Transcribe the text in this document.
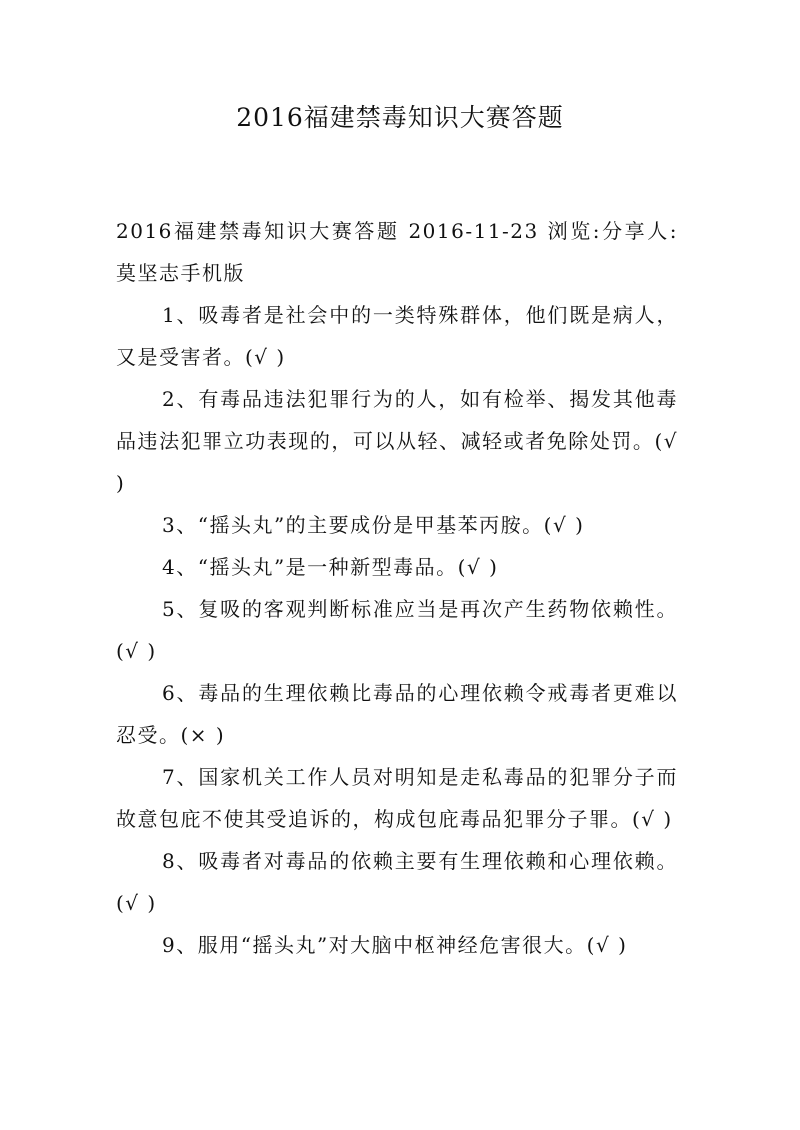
2016福建禁毒知识大赛答题

2016福建禁毒知识大赛答题 2016-11-23 浏览:分享人: 莫坚志手机版

1、吸毒者是社会中的一类特殊群体，他们既是病人，又是受害者。(√ )

2、有毒品违法犯罪行为的人，如有检举、揭发其他毒品违法犯罪立功表现的，可以从轻、减轻或者免除处罚。(√ )

3、“摇头丸”的主要成份是甲基苯丙胺。(√ )

4、“摇头丸”是一种新型毒品。(√ )

5、复吸的客观判断标准应当是再次产生药物依赖性。(√ )

6、毒品的生理依赖比毒品的心理依赖令戒毒者更难以忍受。(× )

7、国家机关工作人员对明知是走私毒品的犯罪分子而故意包庇不使其受追诉的，构成包庇毒品犯罪分子罪。(√ )

8、吸毒者对毒品的依赖主要有生理依赖和心理依赖。(√ )

9、服用“摇头丸”对大脑中枢神经危害很大。(√ )
